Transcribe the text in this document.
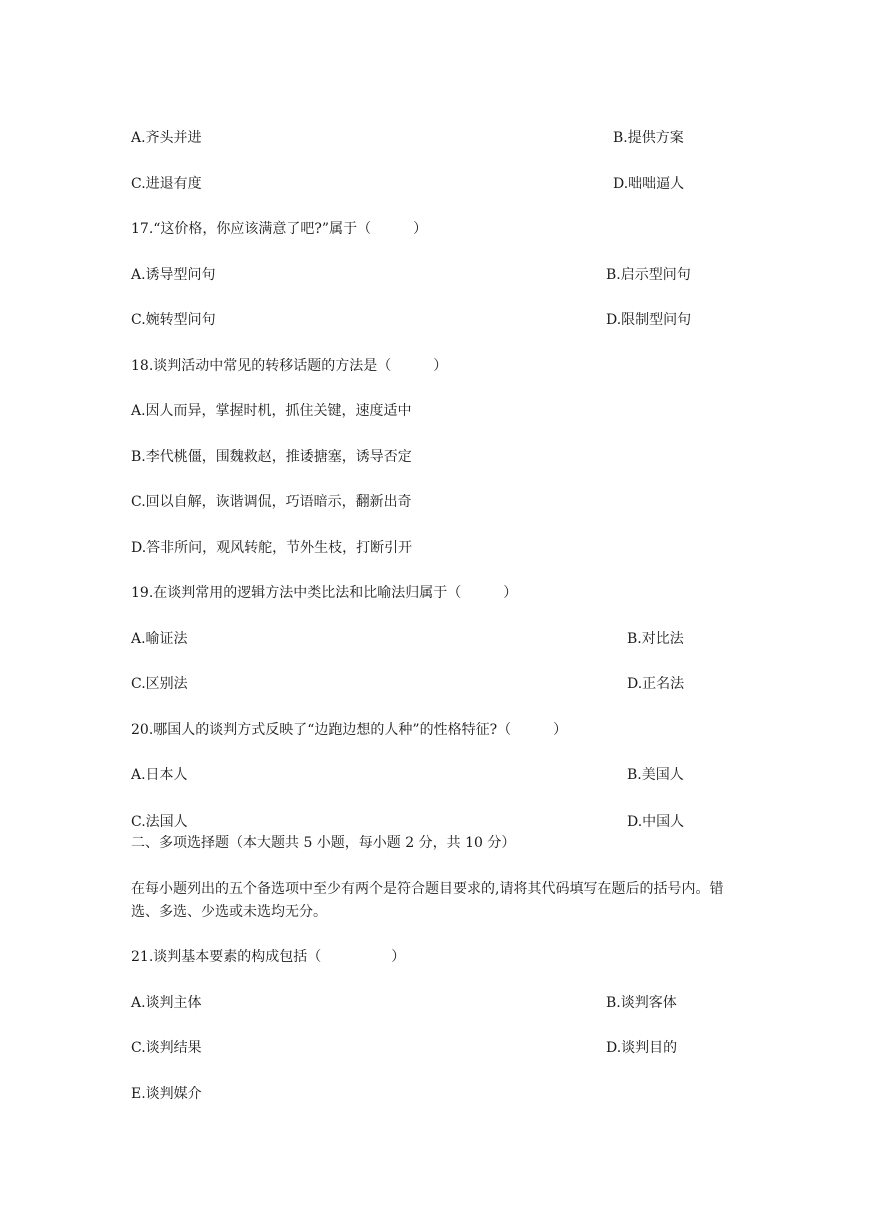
A.齐头并进	B.提供方案
C.进退有度	D.咄咄逼人
17.“这价格，你应该满意了吧?”属于（　　　）
A.诱导型问句	B.启示型问句
C.婉转型问句	D.限制型问句
18.谈判活动中常见的转移话题的方法是（　　　）
A.因人而异，掌握时机，抓住关键，速度适中
B.李代桃僵，围魏救赵，推诿搪塞，诱导否定
C.回以自解，诙谐调侃，巧语暗示，翻新出奇
D.答非所问，观风转舵，节外生枝，打断引开
19.在谈判常用的逻辑方法中类比法和比喻法归属于（　　　）
A.喻证法	B.对比法
C.区别法	D.正名法
20.哪国人的谈判方式反映了“边跑边想的人种”的性格特征?（　　　）
A.日本人	B.美国人
C.法国人	D.中国人
二、多项选择题（本大题共 5 小题，每小题 2 分，共 10 分）
在每小题列出的五个备选项中至少有两个是符合题目要求的,请将其代码填写在题后的括号内。错选、多选、少选或未选均无分。
21.谈判基本要素的构成包括（　　　　　）
A.谈判主体	B.谈判客体
C.谈判结果	D.谈判目的
E.谈判媒介
